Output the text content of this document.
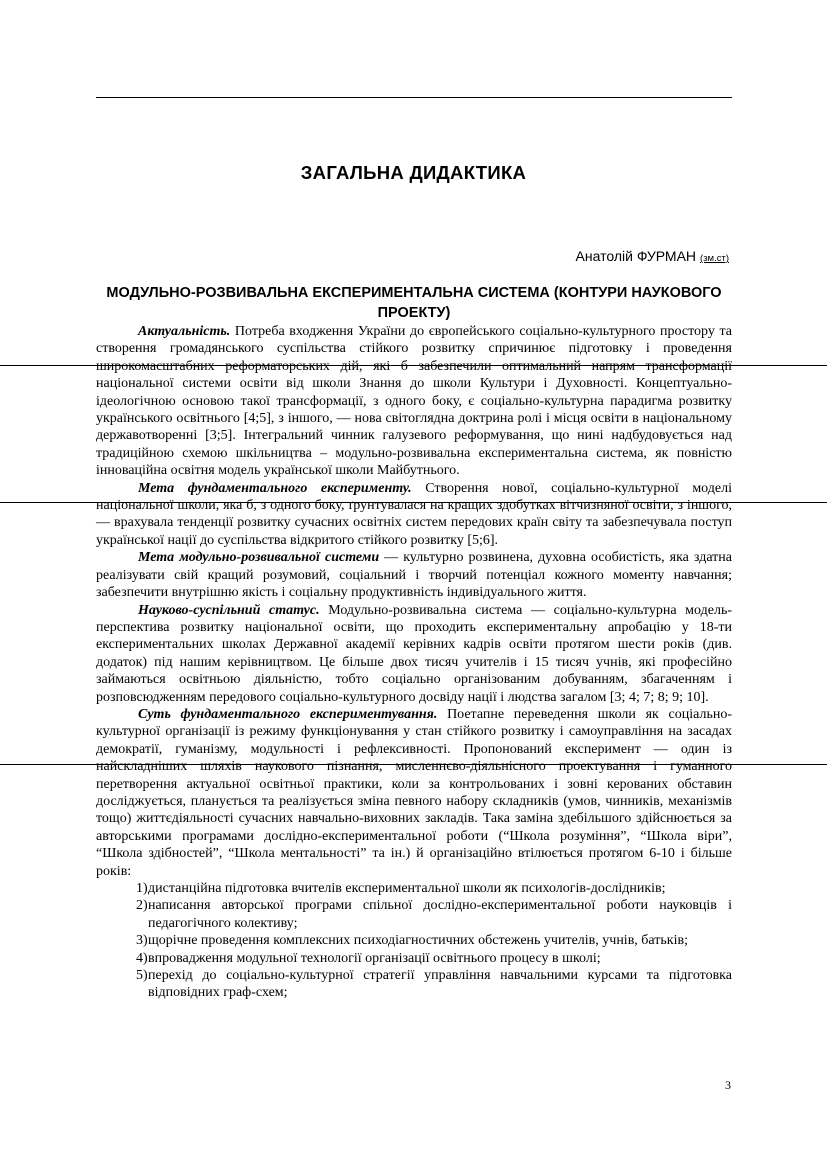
ЗАГАЛЬНА ДИДАКТИКА
Анатолій ФУРМАН (зм.ст)
МОДУЛЬНО-РОЗВИВАЛЬНА ЕКСПЕРИМЕНТАЛЬНА СИСТЕМА (КОНТУРИ НАУКОВОГО ПРОЕКТУ)

Актуальність. Потреба входження України до європейського соціально-культурного простору та створення громадянського суспільства стійкого розвитку спричинює підготовку і проведення широкомасштабних реформаторських дій, які б забезпечили оптимальний напрям трансформації національної системи освіти від школи Знання до школи Культури і Духовності. Концептуально-ідеологічною основою такої трансформації, з одного боку, є соціально-культурна парадигма розвитку українського освітнього [4;5], з іншого, — нова світоглядна доктрина ролі і місця освіти в національному державотворенні [3;5]. Інтегральний чинник галузевого реформування, що нині надбудовується над традиційною схемою шкільництва – модульно-розвивальна експериментальна система, як повністю інноваційна освітня модель української школи Майбутнього.

Мета фундаментального експерименту. Створення нової, соціально-культурної моделі національної школи, яка б, з одного боку, ґрунтувалася на кращих здобутках вітчизняної освіти, з іншого, — врахувала тенденції розвитку сучасних освітніх систем передових країн світу та забезпечувала поступ української нації до суспільства відкритого стійкого розвитку [5;6].

Мета модульно-розвивальної системи — культурно розвинена, духовна особистість, яка здатна реалізувати свій кращий розумовий, соціальний і творчий потенціал кожного моменту навчання; забезпечити внутрішню якість і соціальну продуктивність індивідуального життя.

Науково-суспільний статус. Модульно-розвивальна система — соціально-культурна модель-перспектива розвитку національної освіти, що проходить експериментальну апробацію у 18-ти експериментальних школах Державної академії керівних кадрів освіти протягом шести років (див. додаток) під нашим керівництвом. Це більше двох тисяч учителів і 15 тисяч учнів, які професійно займаються освітньою діяльністю, тобто соціально організованим добуванням, збагаченням і розповсюдженням передового соціально-культурного досвіду нації і людства загалом [3; 4; 7; 8; 9; 10].

Суть фундаментального експериментування. Поетапне переведення школи як соціально-культурної організації із режиму функціонування у стан стійкого розвитку і самоуправління на засадах демократії, гуманізму, модульності і рефлексивності. Пропонований експеримент — один із найскладніших шляхів наукового пізнання, мисленнєво-діяльнісного проектування і гуманного перетворення актуальної освітньої практики, коли за контрольованих і зовні керованих обставин досліджується, планується та реалізується зміна певного набору складників (умов, чинників, механізмів тощо) життєдіяльності сучасних навчально-виховних закладів. Така заміна здебільшого здійснюється за авторськими програмами дослідно-експериментальної роботи (“Школа розуміння”, “Школа віри”, “Школа здібностей”, “Школа ментальності” та ін.) й організаційно втілюється протягом 6-10 і більше років:

1) дистанційна підготовка вчителів експериментальної школи як психологів-дослідників;
2) написання авторської програми спільної дослідно-експериментальної роботи науковців і педагогічного колективу;
3) щорічне проведення комплексних психодіагностичних обстежень учителів, учнів, батьків;
4) впровадження модульної технології організації освітнього процесу в школі;
5) перехід до соціально-культурної стратегії управління навчальними курсами та підготовка відповідних граф-схем;
3
